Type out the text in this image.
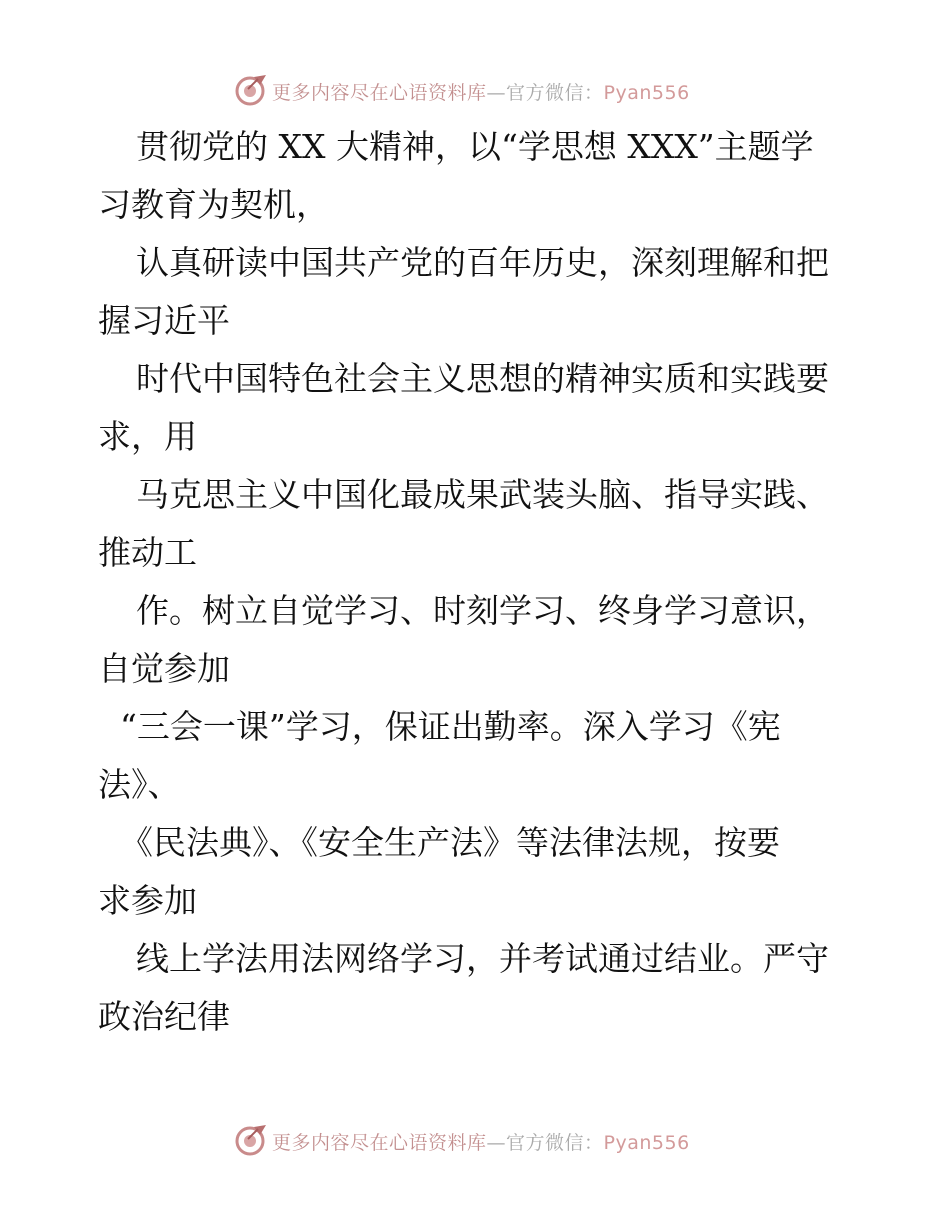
更多内容尽在心语资料库—官方微信：Pyan556
贯彻党的 XX 大精神，以“学思想 XXX”主题学
习教育为契机，
认真研读中国共产党的百年历史，深刻理解和把
握习近平
时代中国特色社会主义思想的精神实质和实践要
求，用
马克思主义中国化最成果武装头脑、指导实践、
推动工
作。树立自觉学习、时刻学习、终身学习意识，
自觉参加
“三会一课”学习，保证出勤率。深入学习《宪
法》、
《民法典》、《安全生产法》等法律法规，按要
求参加
线上学法用法网络学习，并考试通过结业。严守
政治纪律
更多内容尽在心语资料库—官方微信：Pyan556
